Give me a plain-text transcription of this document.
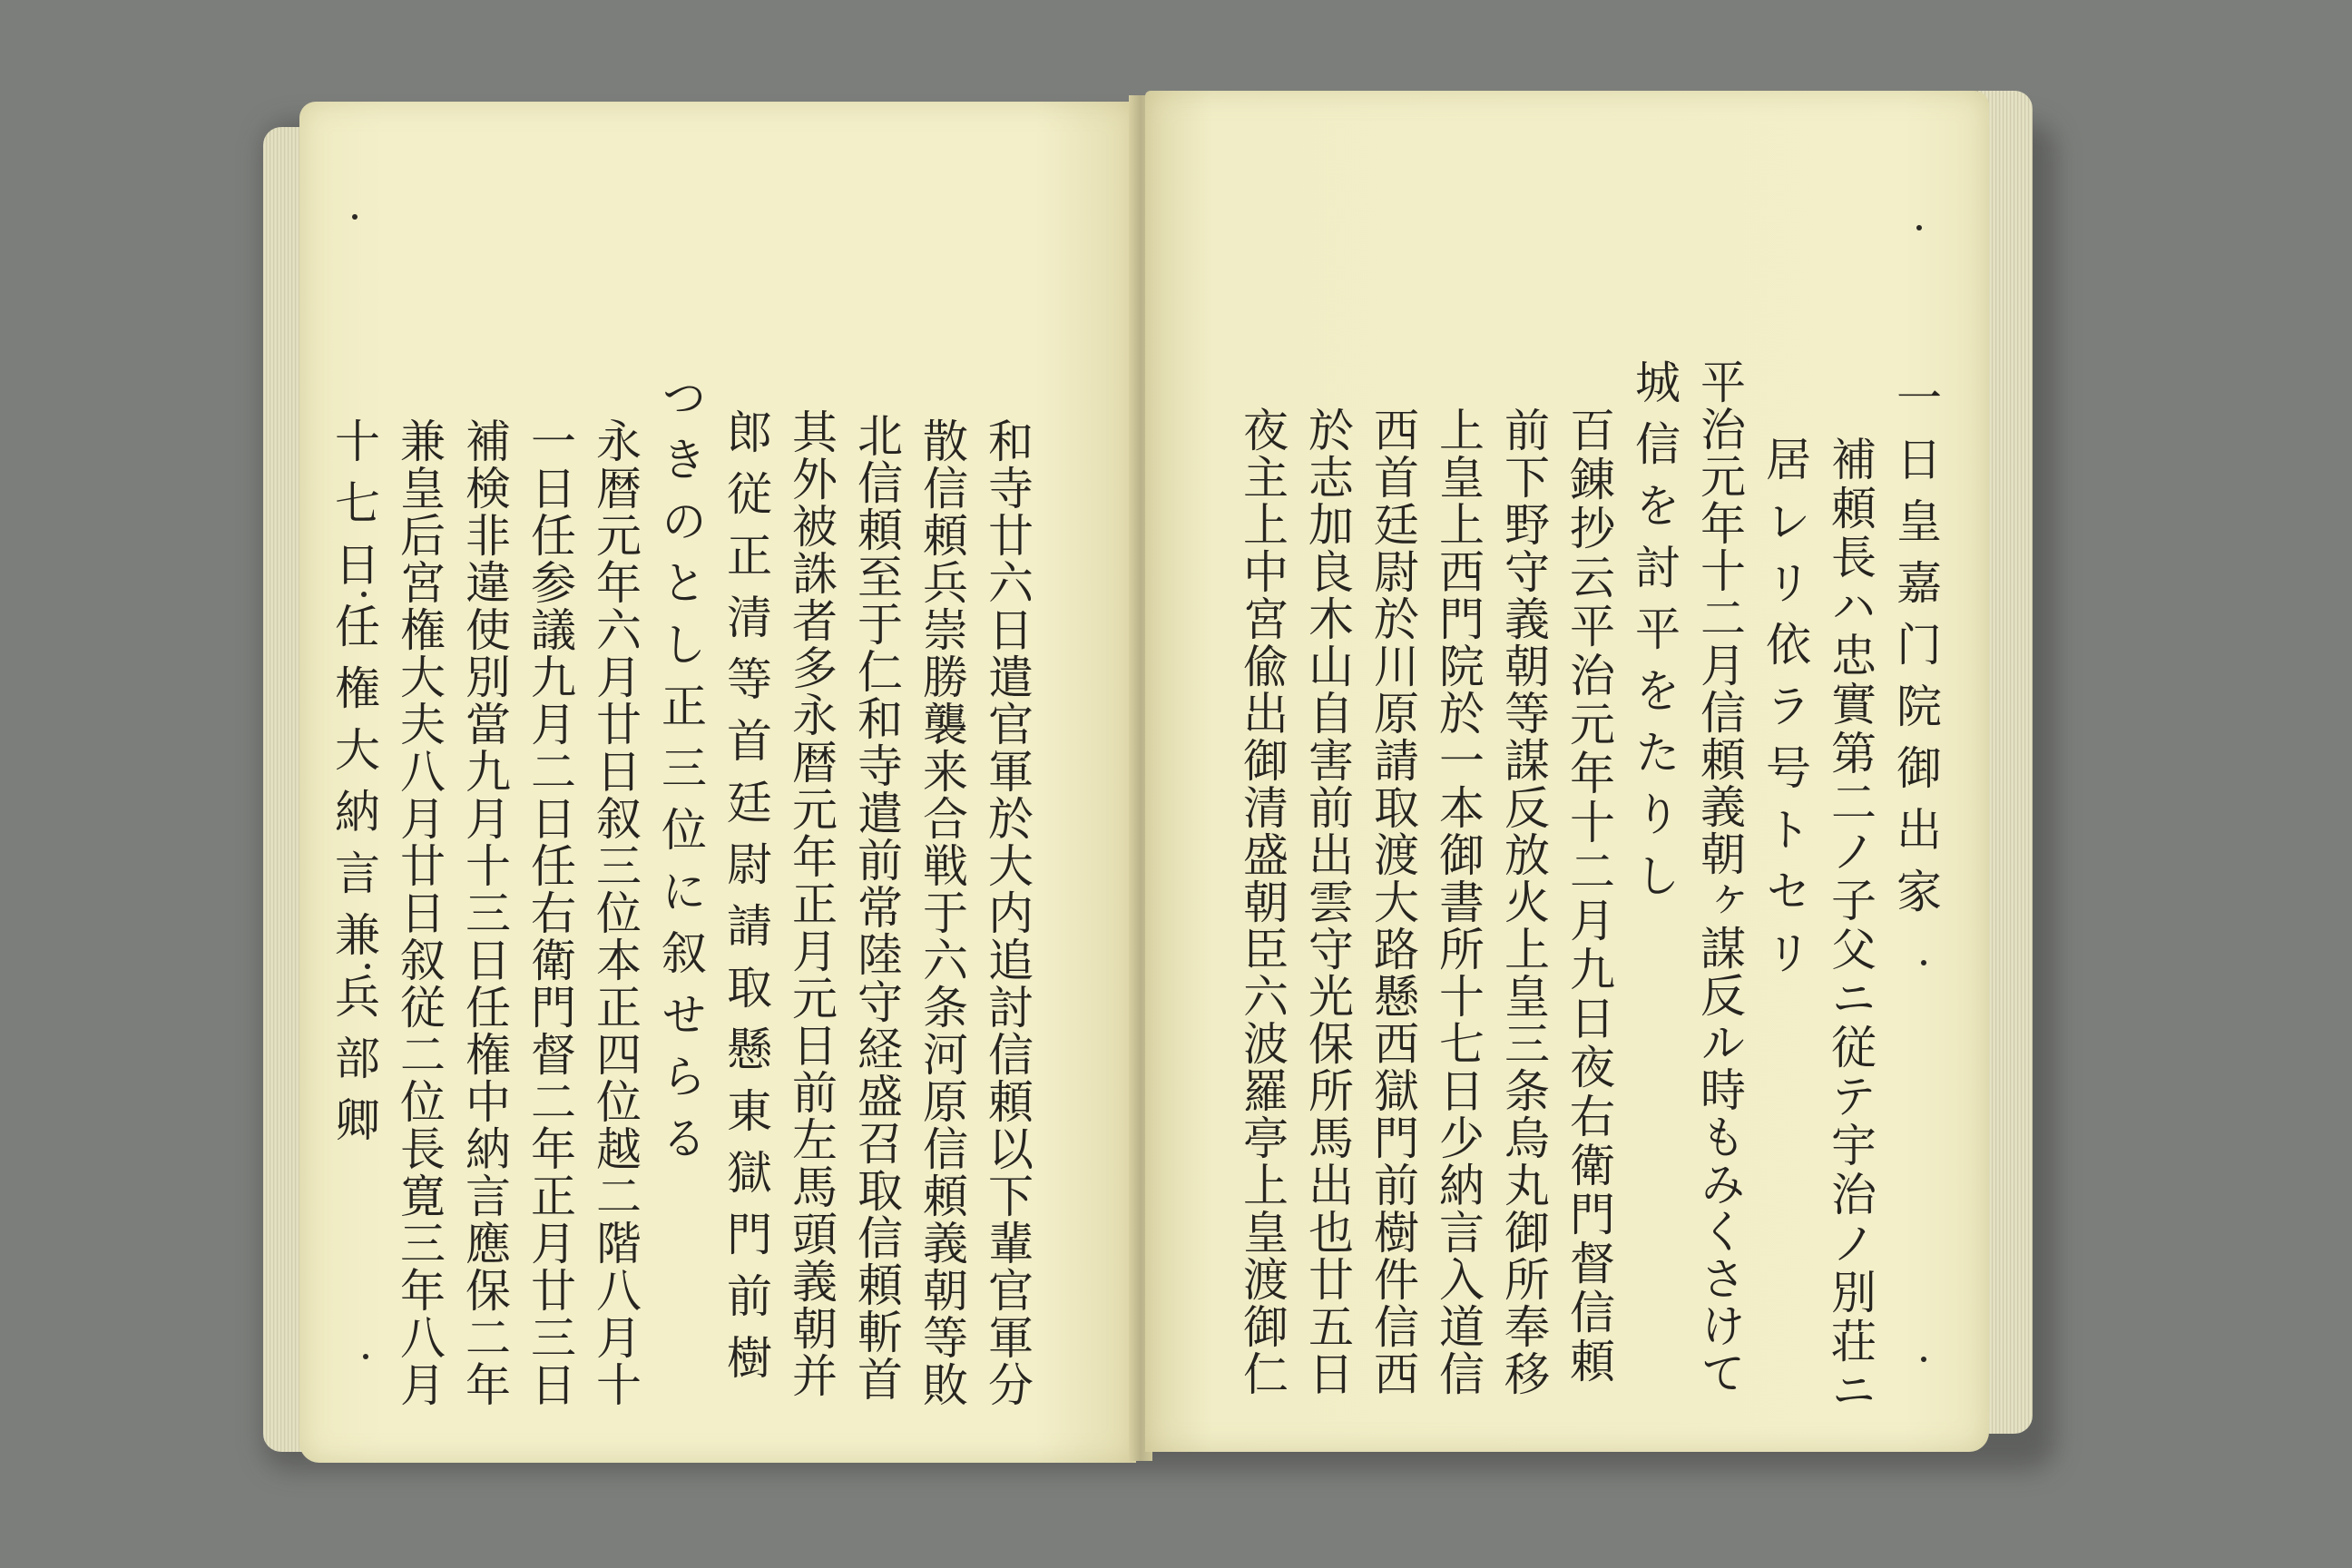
和寺廿六日遣官軍於大内追討信頼以下輩官軍分
散信頼兵崇勝襲来合戦于六条河原信頼義朝等敗
北信頼至于仁和寺遣前常陸守経盛召取信頼斬首
其外被誅者多永暦元年正月元日前左馬頭義朝并
郎従正清等首廷尉請取懸東獄門前樹
つきのとし正三位に叙せらる
永暦元年六月廿日叙三位本正四位越二階八月十
一日任参議九月二日任右衛門督二年正月廿三日
補検非違使別當九月十三日任権中納言應保二年
兼皇后宮権大夫八月廿日叙従二位長寛三年八月
十七日任権大納言兼兵部卿	一日皇嘉门院御出家
補頼長ハ忠實第二ノ子父ニ従テ宇治ノ別荘ニ
居レリ依ラ号トセリ
平治元年十二月信頼義朝ヶ謀反ル時もみくさけて
城信を討平をたりし
百錬抄云平治元年十二月九日夜右衛門督信頼
前下野守義朝等謀反放火上皇三条烏丸御所奉移
上皇上西門院於一本御書所十七日少納言入道信
西首廷尉於川原請取渡大路懸西獄門前樹件信西
於志加良木山自害前出雲守光保所馬出也廿五日
夜主上中宮偸出御清盛朝臣六波羅亭上皇渡御仁
